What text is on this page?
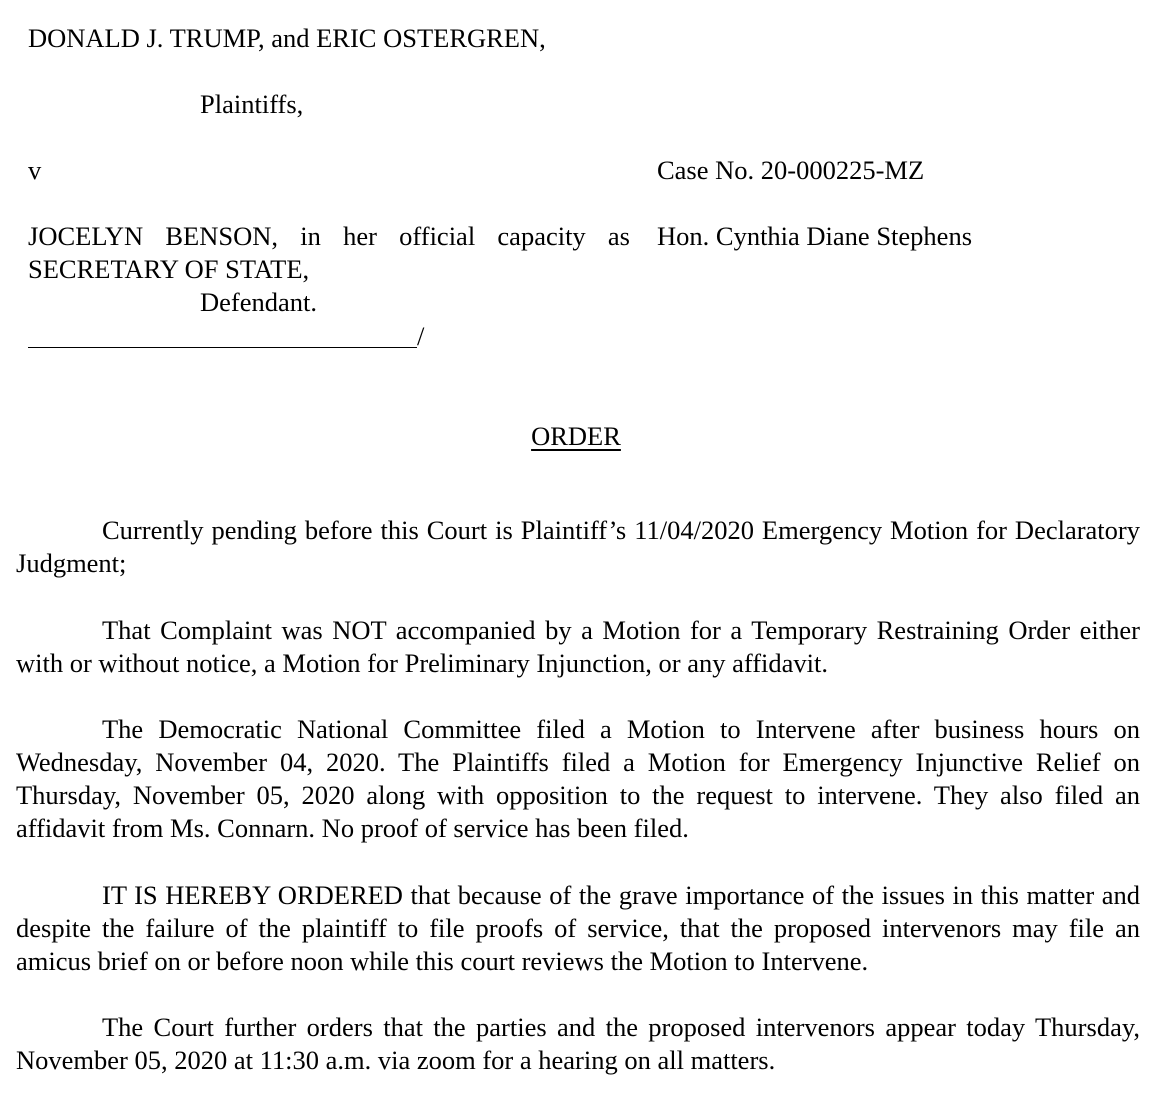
DONALD J. TRUMP, and ERIC OSTERGREN,
Plaintiffs,
v	Case No. 20-000225-MZ
JOCELYN BENSON, in her official capacity as Hon. Cynthia Diane Stephens
SECRETARY OF STATE,
Defendant.
/
ORDER

Currently pending before this Court is Plaintiff’s 11/04/2020 Emergency Motion for Declaratory Judgment;

That Complaint was NOT accompanied by a Motion for a Temporary Restraining Order either with or without notice, a Motion for Preliminary Injunction, or any affidavit.

The Democratic National Committee filed a Motion to Intervene after business hours on Wednesday, November 04, 2020. The Plaintiffs filed a Motion for Emergency Injunctive Relief on Thursday, November 05, 2020 along with opposition to the request to intervene. They also filed an affidavit from Ms. Connarn. No proof of service has been filed.

IT IS HEREBY ORDERED that because of the grave importance of the issues in this matter and despite the failure of the plaintiff to file proofs of service, that the proposed intervenors may file an amicus brief on or before noon while this court reviews the Motion to Intervene.

The Court further orders that the parties and the proposed intervenors appear today Thursday, November 05, 2020 at 11:30 a.m. via zoom for a hearing on all matters.
